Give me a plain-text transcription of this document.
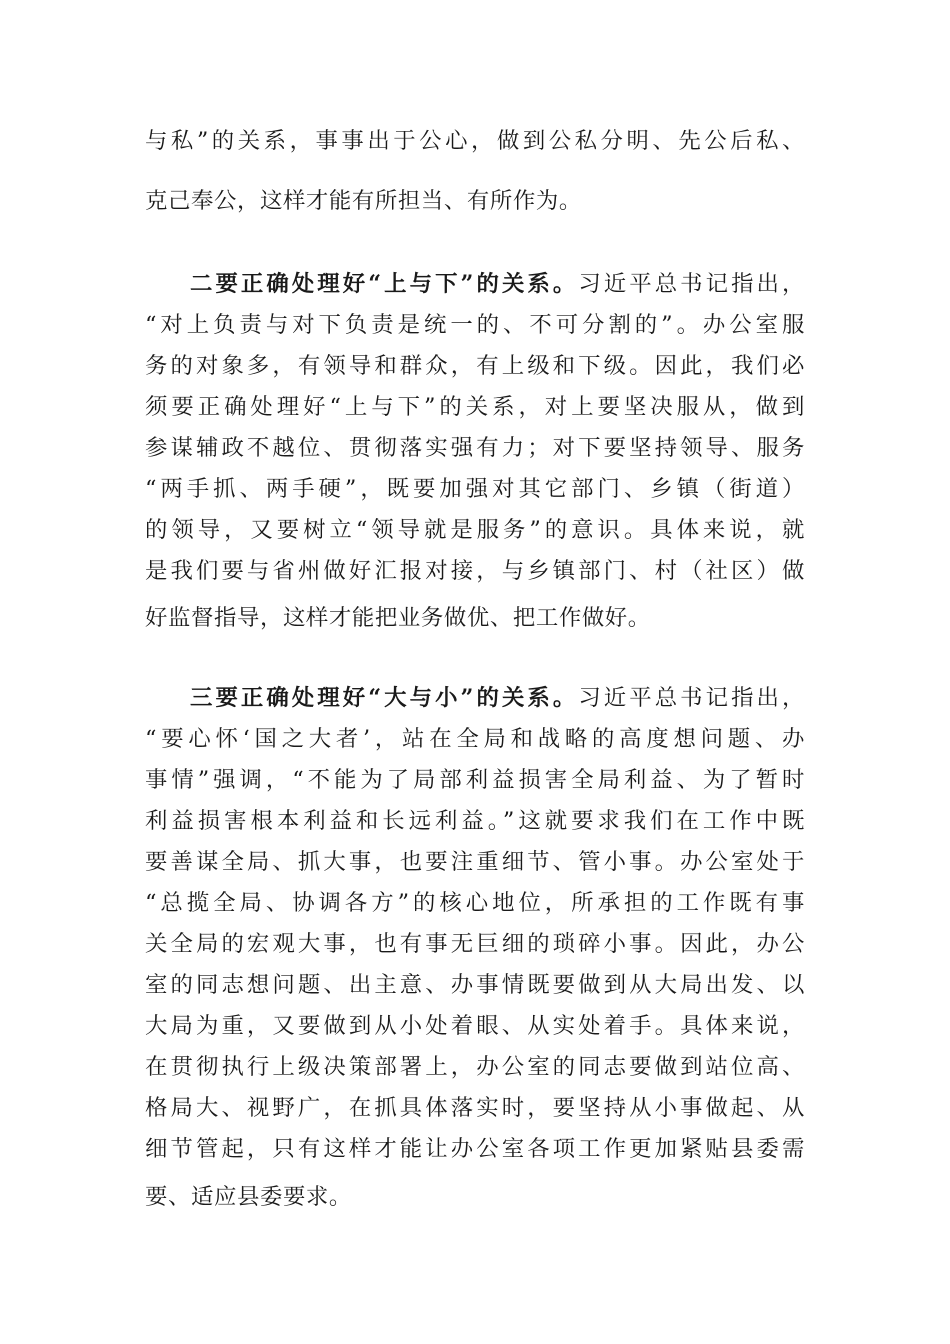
与私”的关系，事事出于公心，做到公私分明、先公后私、
克己奉公，这样才能有所担当、有所作为。
二要正确处理好“上与下”的关系。习近平总书记指出，
“对上负责与对下负责是统一的、不可分割的”。办公室服
务的对象多，有领导和群众，有上级和下级。因此，我们必
须要正确处理好“上与下”的关系，对上要坚决服从，做到
参谋辅政不越位、贯彻落实强有力；对下要坚持领导、服务
“两手抓、两手硬”，既要加强对其它部门、乡镇（街道）
的领导，又要树立“领导就是服务”的意识。具体来说，就
是我们要与省州做好汇报对接，与乡镇部门、村（社区）做
好监督指导，这样才能把业务做优、把工作做好。
三要正确处理好“大与小”的关系。习近平总书记指出，
“要心怀‘国之大者’，站在全局和战略的高度想问题、办
事情”强调，“不能为了局部利益损害全局利益、为了暂时
利益损害根本利益和长远利益。”这就要求我们在工作中既
要善谋全局、抓大事，也要注重细节、管小事。办公室处于
“总揽全局、协调各方”的核心地位，所承担的工作既有事
关全局的宏观大事，也有事无巨细的琐碎小事。因此，办公
室的同志想问题、出主意、办事情既要做到从大局出发、以
大局为重，又要做到从小处着眼、从实处着手。具体来说，
在贯彻执行上级决策部署上，办公室的同志要做到站位高、
格局大、视野广，在抓具体落实时，要坚持从小事做起、从
细节管起，只有这样才能让办公室各项工作更加紧贴县委需
要、适应县委要求。
